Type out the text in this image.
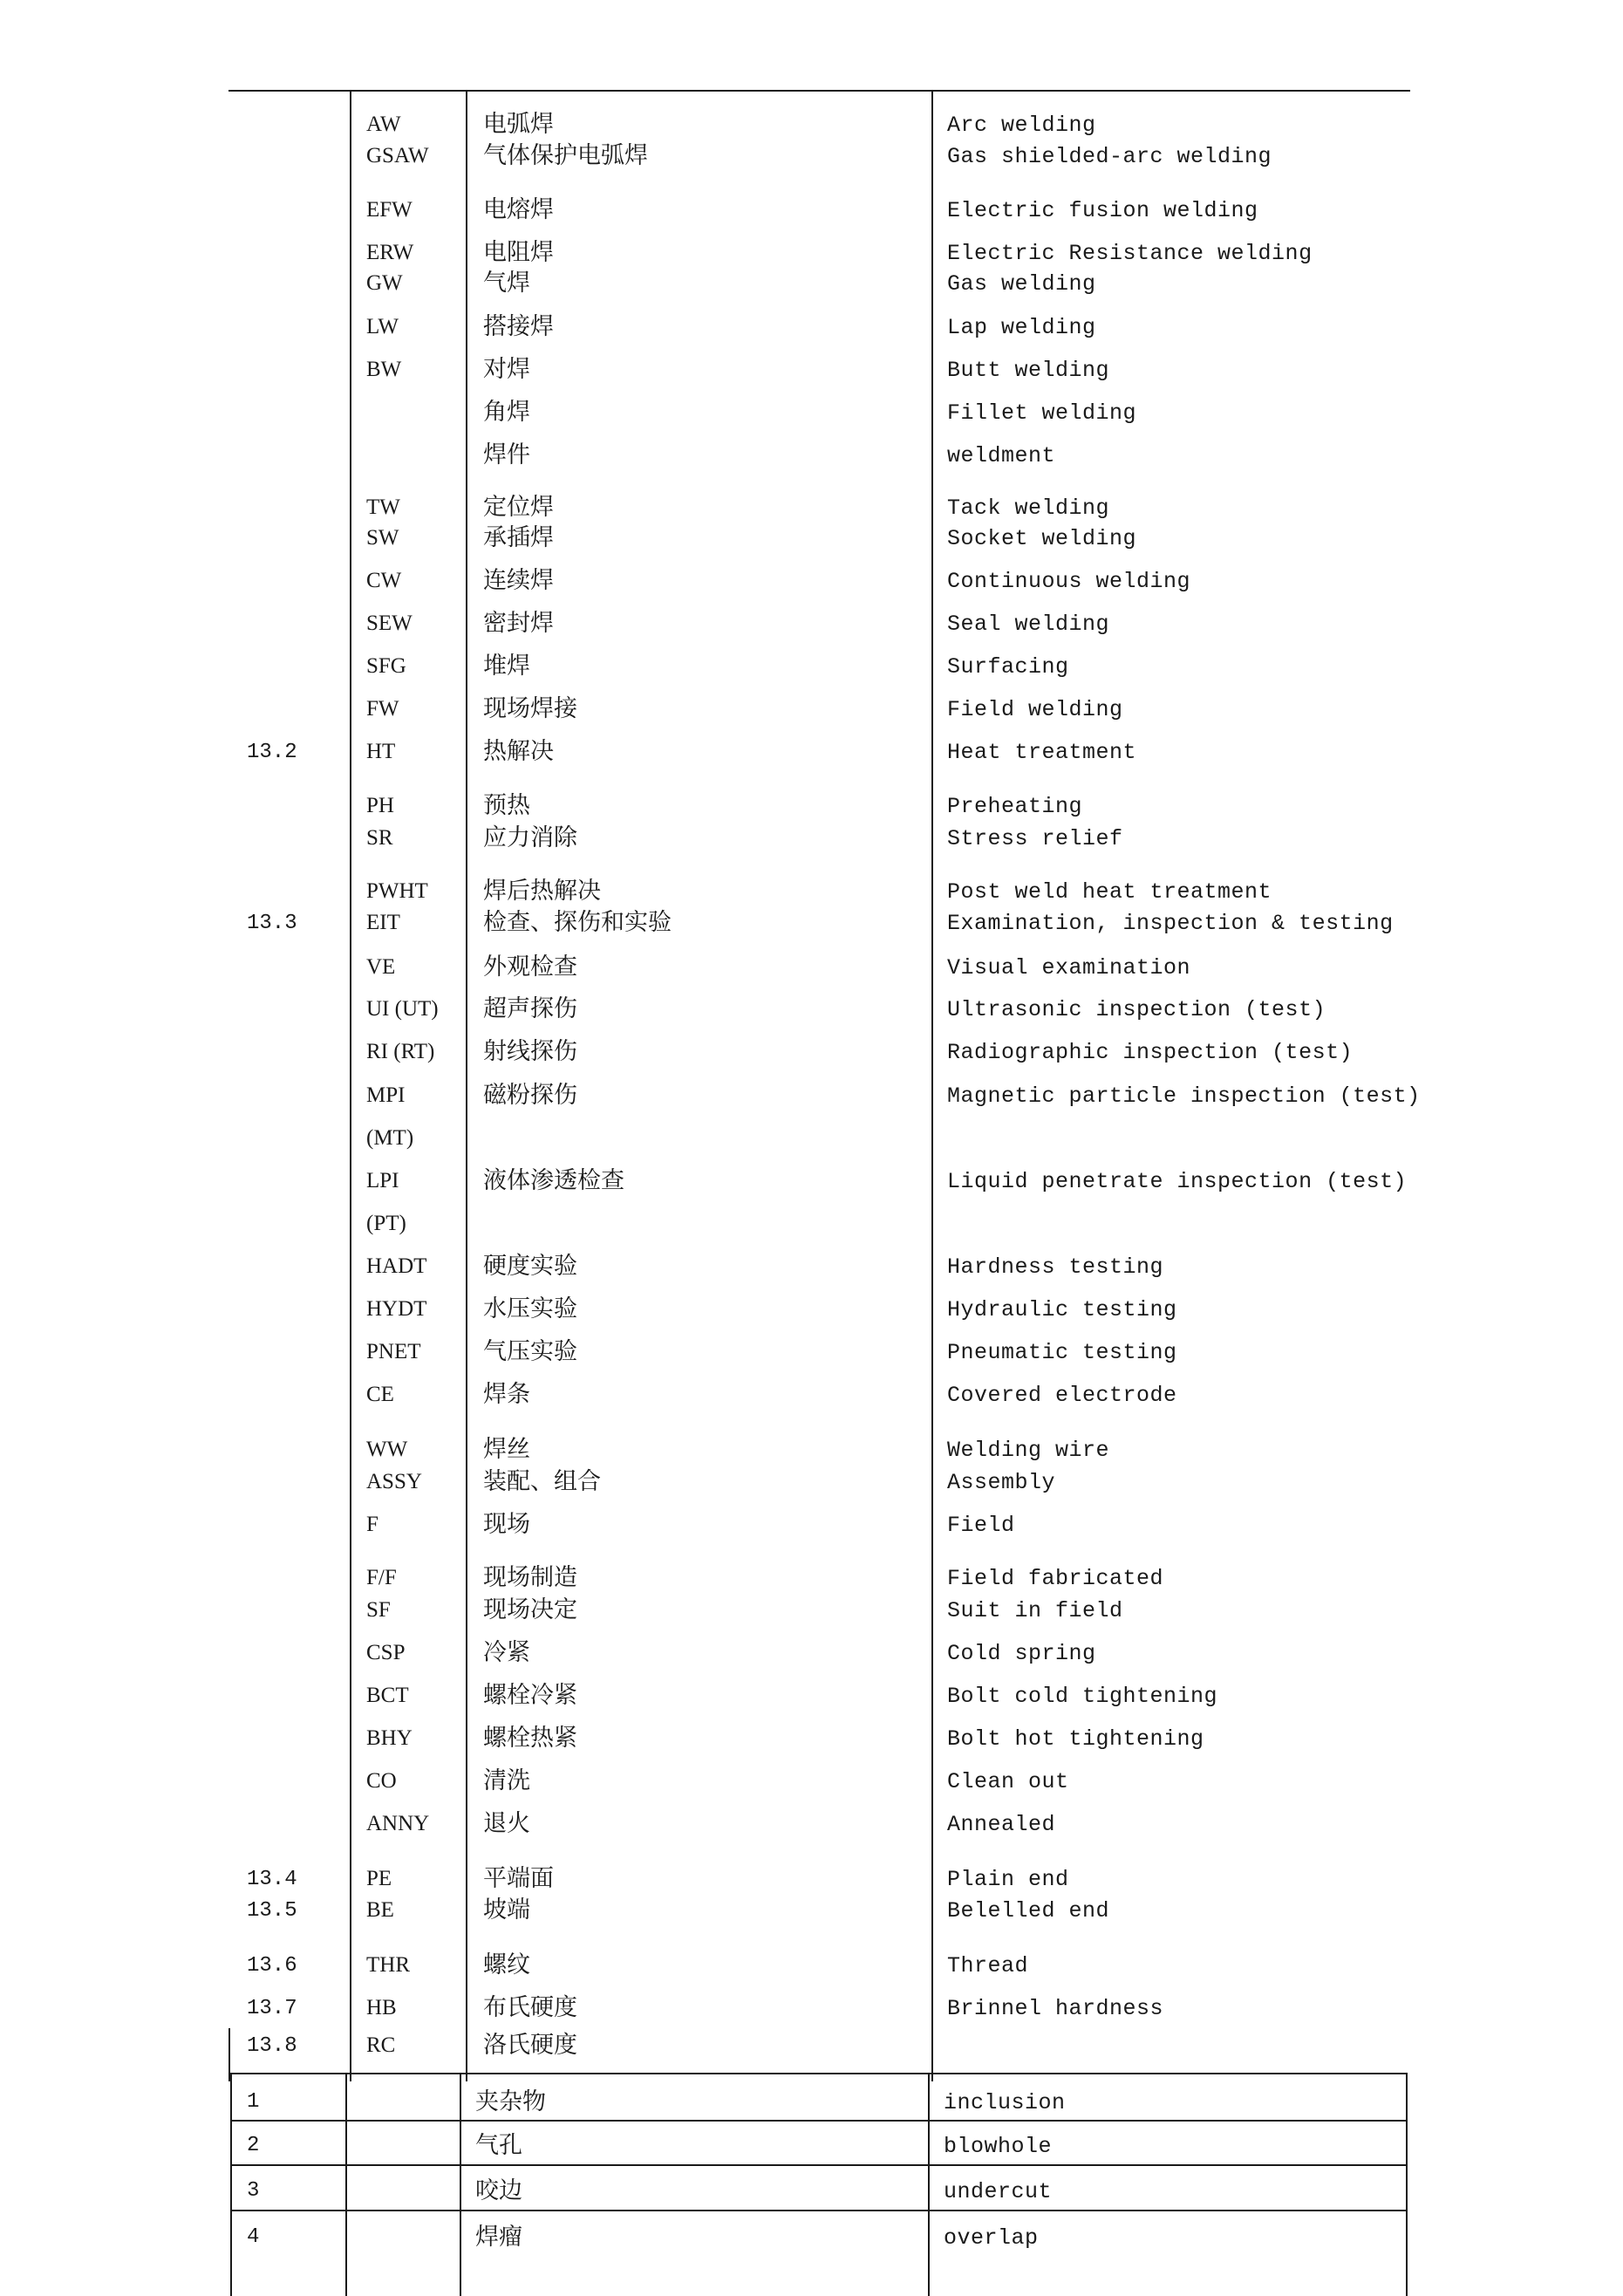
AW	电弧焊	Arc welding
GSAW 气体保护电弧焊	Gas shielded-arc welding
EFW	电熔焊	Electric fusion welding
ERW	电阻焊	Electric Resistance welding
GW	气焊	Gas welding
LW	搭接焊	Lap welding
BW	对焊	Butt welding
角焊	Fillet welding
焊件	weldment
TW	定位焊	Tack welding
SW	承插焊	Socket welding
CW	连续焊	Continuous welding
SEW	密封焊	Seal welding
SFG	堆焊	Surfacing
FW	现场焊接	Field welding
13.2	HT	热解决	Heat treatment
PH	预热	Preheating
SR	应力消除	Stress relief
PWHT 焊后热解决	Post weld heat treatment
13.3	EIT	检查、探伤和实验	Examination, inspection & testing
VE	外观检查	Visual examination
UI (UT) 超声探伤	Ultrasonic inspection (test)
RI (RT) 射线探伤	Radiographic inspection (test)
MPI	磁粉探伤	Magnetic particle inspection (test)
(MT)
LPI	液体渗透检查	Liquid penetrate inspection (test)
(PT)
HADT 硬度实验	Hardness testing
HYDT 水压实验	Hydraulic testing
PNET	气压实验	Pneumatic testing
CE	焊条	Covered electrode
WW	焊丝	Welding wire
ASSY	装配、组合	Assembly
F	现场	Field
F/F	现场制造	Field fabricated
SF	现场决定	Suit in field
CSP	冷紧	Cold spring
BCT	螺栓冷紧	Bolt cold tightening
BHY	螺栓热紧	Bolt hot tightening
CO	清洗	Clean out
ANNY 退火	Annealed
13.4	PE	平端面	Plain end
13.5	BE	坡端	Belelled end
13.6	THR	螺纹	Thread
13.7	HB	布氏硬度	Brinnel hardness
13.8	RC	洛氏硬度
1	夹杂物	inclusion
2	气孔	blowhole
3	咬边	undercut
4	焊瘤	overlap
